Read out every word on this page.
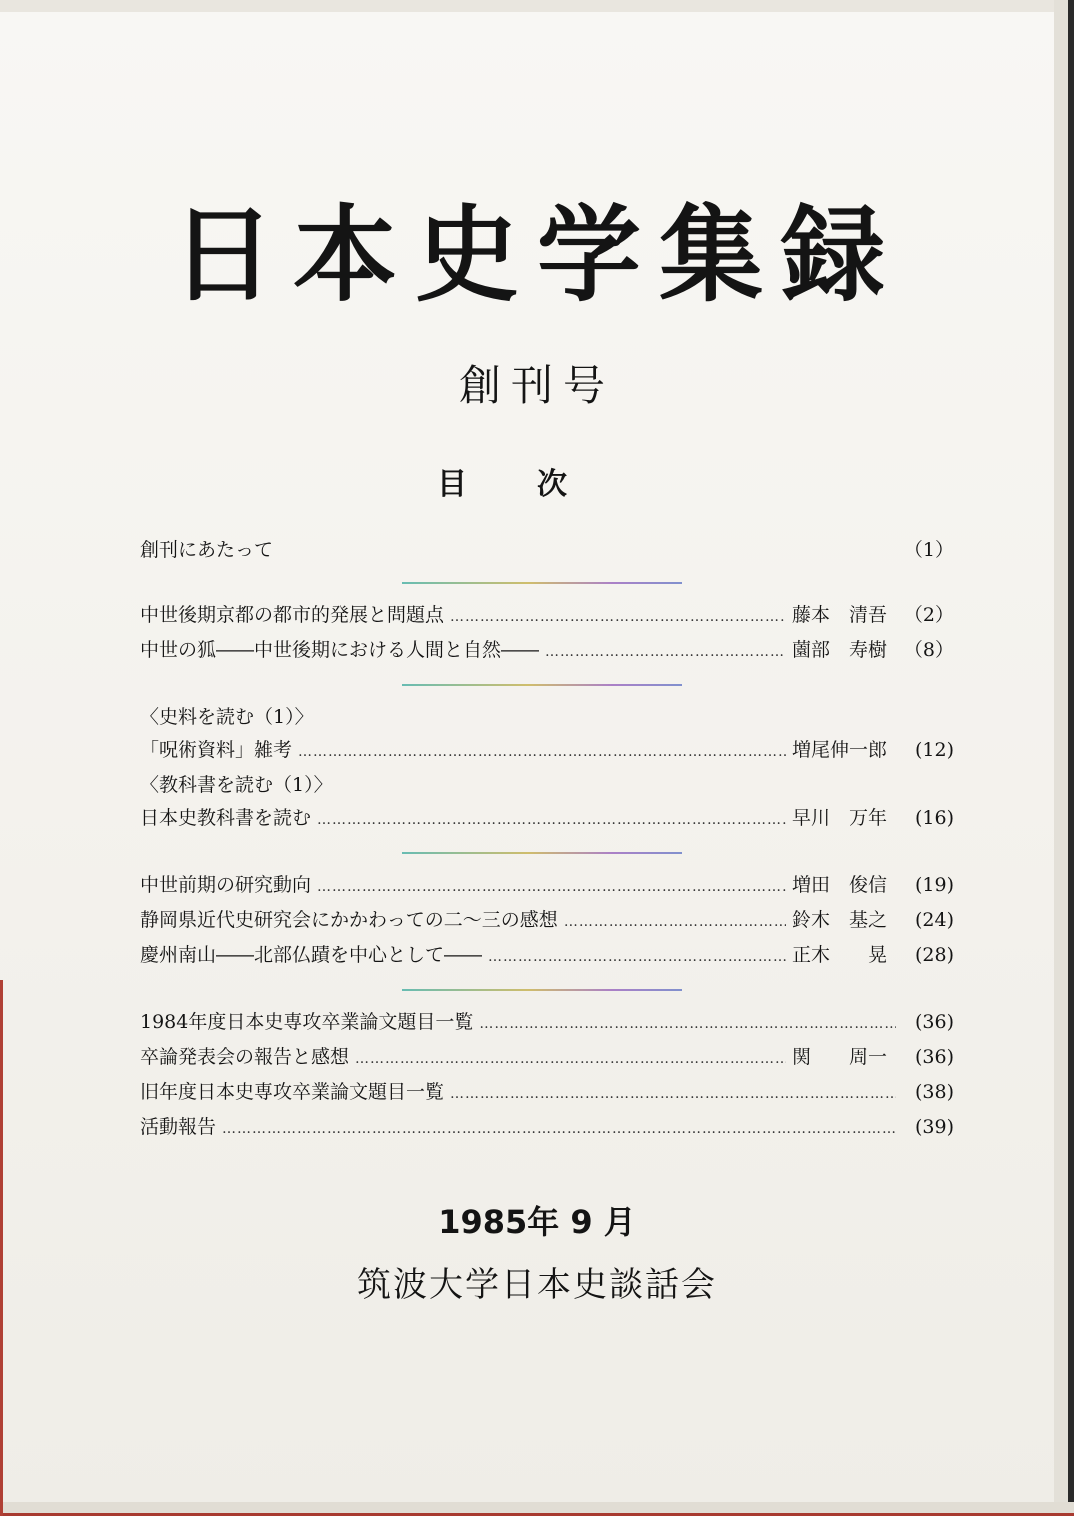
日本史学集録
創刊号
目次
創刊にあたって	（1）
中世後期京都の都市的発展と問題点 …………………………………………………………………………………………………………………………………………………………	藤本　清吾 （2）
中世の狐――中世後期における人間と自然―― …………………………………………………………………………………………………………………………………………………………	薗部　寿樹 （8）
〈史料を読む（1）〉
「呪術資料」雑考 …………………………………………………………………………………………………………………………………………………………	増尾伸一郎	(12)
〈教科書を読む（1）〉
日本史教科書を読む …………………………………………………………………………………………………………………………………………………………	早川　万年	(16)
中世前期の研究動向 …………………………………………………………………………………………………………………………………………………………	増田　俊信	(19)
静岡県近代史研究会にかかわっての二～三の感想 …………………………………………………………………………………………………………………………………………………………	鈴木　基之	(24)
慶州南山――北部仏蹟を中心として―― …………………………………………………………………………………………………………………………………………………………	正木　　晃	(28)
1984年度日本史専攻卒業論文題目一覧 …………………………………………………………………………………………………………………………………………………………	(36)
卒論発表会の報告と感想 …………………………………………………………………………………………………………………………………………………………	関　　周一	(36)
旧年度日本史専攻卒業論文題目一覧 …………………………………………………………………………………………………………………………………………………………	(38)
活動報告 …………………………………………………………………………………………………………………………………………………………	(39)
1985年 9 月
筑波大学日本史談話会
